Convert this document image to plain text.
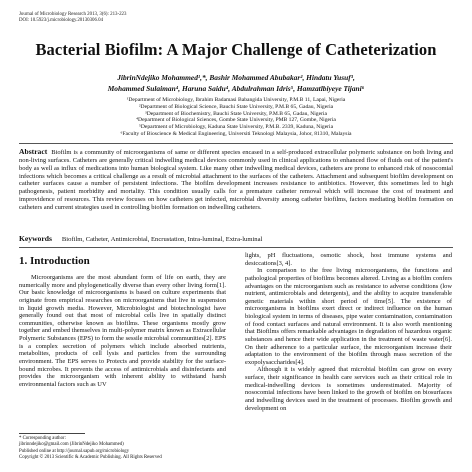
Journal of Microbiology Research 2013, 3(6): 213-223
DOI: 10.5923/j.microbiology.20130306.04
Bacterial Biofilm: A Major Challenge of Catheterization
JibrinNdejiko Mohammed¹,*, Bashir Mohammed Abubakar², Hindatu Yusuf³,
Mohammed Sulaiman⁴, Haruna Saidu⁴, Abdulrahman Idris⁵, Hamzatlbiyeye Tijani⁶
¹Department of Microbiology, Ibrahim Badamasi Babangida University, P.M.B 11, Lapai, Nigeria
²Department of Biological Science, Bauchi State University, P.M.B 65, Gadau, Nigeria
³Department of Biochemistry, Bauchi State University, P.M.B 65, Gadau, Nigeria
⁴Department of Biological Sciences, Gombe State University, PMB 127, Gombe, Nigeria
⁵Department of Microbiology, Kaduna State University, P.M.B. 2339, Kaduna, Nigeria
⁶Faculty of Bioscience & Medical Engineering, Universiti Teknologi Malaysia, Johor, 81310, Malaysia

Abstract Biofilm is a community of microorganisms of same or different species encased in a self-produced extracellular polymeric substance on both living and non-living surfaces. Catheters are generally critical indwelling medical devices commonly used in clinical applications to enhanced flow of fluids out of the patient's body as well as influx of medications into human biological system. Like many other indwelling medical devices, catheters are prone to enhanced risk of nosocomial infections which becomes a critical challenge as a result of microbial attachment to the surfaces of the catheters. Attachment and subsequent biofilm development on catheter surfaces cause a number of persistent infections. The biofilm development increases resistance to antibiotics. However, this sometimes led to high pathogenesis, patient morbidity and mortality. This condition usually calls for a premature catheter removal which will increase the cost of treatment and improvidence of resources. This review focuses on how catheters get infected, microbial diversity among catheter biofilms, factors mediating biofilm formation on catheters and current strategies used in controlling biofilm formation on indwelling catheters.

Keywords Biofilm, Catheter, Antimicrobial, Encrustation, Intra-luminal, Extra-luminal
1. Introduction

Microorganisms are the most abundant form of life on earth, they are numerically more and phylogenetically diverse than every other living form[1]. Our basic knowledge of microorganisms is based on culture experiments that originate from empirical researches on microorganisms that live in suspension in liquid growth media. However, Microbiologist and biotechnologist have generally found out that most of microbial cells live in spatially distinct communities, otherwise known as biofilms. These organisms mostly grow together and embed themselves in multi-polymer matrix known as Extracellular Polymeric Substances (EPS) to form the sessile microbial communities[2]. EPS is a complex secretion of polymers which include absorbed nutrients, metabolites, products of cell lysis and particles from the surrounding environment. The EPS serves to Protects and provide stability for the surface-bound microbes. It prevents the access of antimicrobials and disinfectants and provides the microorganism with inherent ability to withstand harsh environmental factors such as UV

lights, pH fluctuations, osmotic shock, host immune systems and desiccations[3, 4].

In comparison to the free living microorganisms, the functions and pathological properties of biofilms becomes altered. Living as a biofilm confers advantages on the microorganism such as resistance to adverse conditions (low nutrient, antimicrobials and detergents), and the ability to acquire transferable genetic materials within short period of time[5]. The existence of microorganisms in biofilms exert direct or indirect influence on the human biological system in terms of diseases, pipe water contamination, contamination of food contact surfaces and natural environment. It is also worth mentioning that Biofilms offers remarkable advantages in degradation of hazardous organic substances and hence their wide application in the treatment of waste water[6]. On their adherence to a particular surface, the microorganism increase their adaptation to the environment of the biofilm through mass secretion of the exopolysaccharides[4].

Although it is widely agreed that microbial biofilm can grow on every surface, their significance in health care services such as their critical role in medical-indwelling devices is sometimes underestimated. Majority of nosocomial infections have been linked to the growth of biofilm on biosurfaces and indwelling devices used in the treatment of processes. Biofilm growth and development on

* Corresponding author:
jibrinndejiko@gmail.com (JibrinNdejiko Mohammed)
Published online at http://journal.sapub.org/microbiology
Copyright © 2013 Scientific & Academic Publishing. All Rights Reserved
